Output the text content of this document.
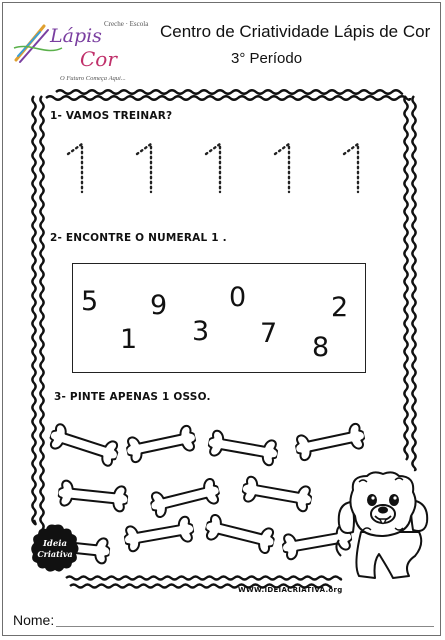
Creche · Escola
Lápis
Cor
O Futuro Começa Aqui...
Centro de Criatividade Lápis de Cor
3° Período
1- VAMOS TREINAR?
2- ENCONTRE O NUMERAL 1 .
5
1
9
3
0
7 8
2
3- PINTE APENAS 1 OSSO.
Ideia
Criativa
WWW.IDEIACRIATIVA.org
Nome:
